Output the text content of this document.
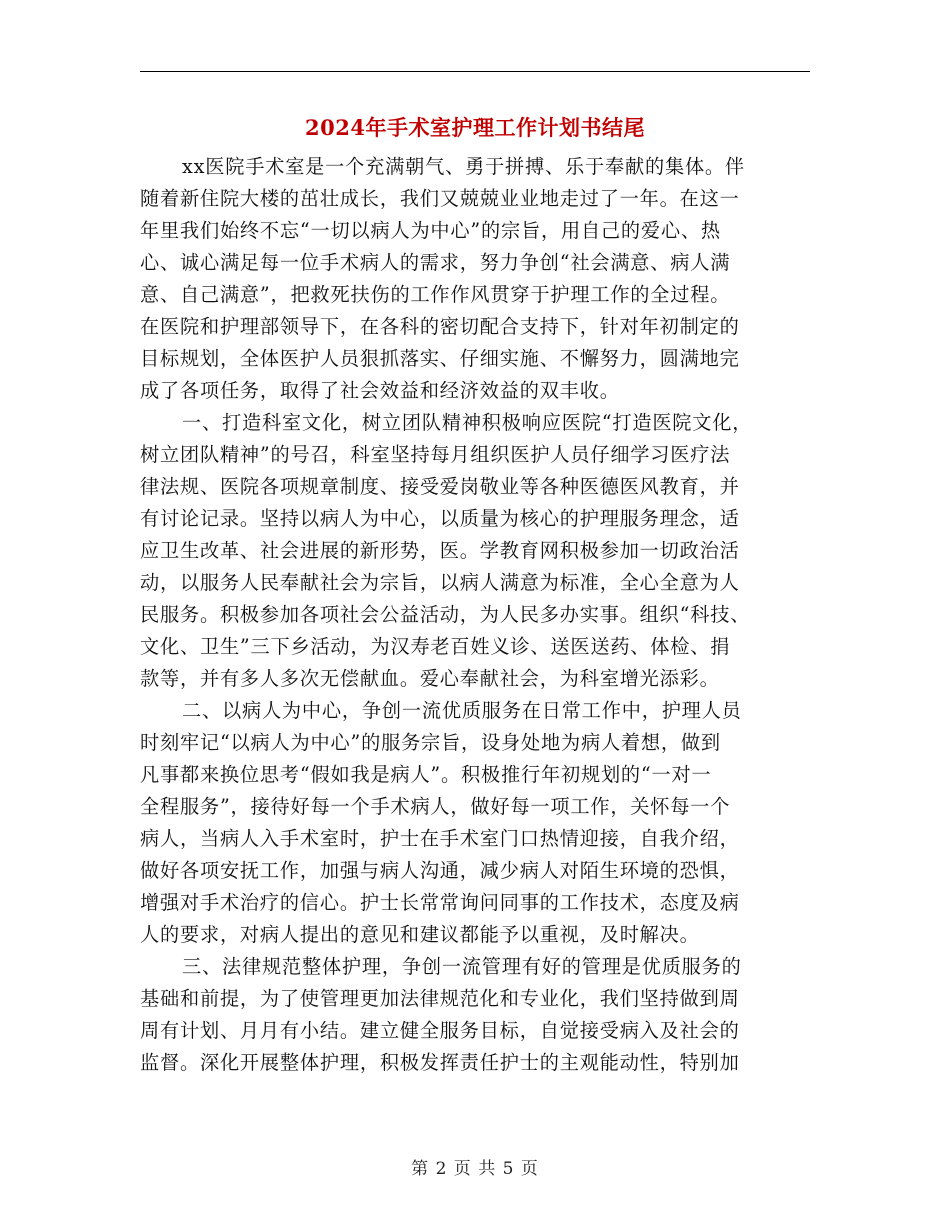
2024年手术室护理工作计划书结尾

xx医院手术室是一个充满朝气、勇于拼搏、乐于奉献的集体。伴
随着新住院大楼的茁壮成长，我们又兢兢业业地走过了一年。在这一
年里我们始终不忘“一切以病人为中心”的宗旨，用自己的爱心、热
心、诚心满足每一位手术病人的需求，努力争创“社会满意、病人满
意、自己满意”，把救死扶伤的工作作风贯穿于护理工作的全过程。
在医院和护理部领导下，在各科的密切配合支持下，针对年初制定的
目标规划，全体医护人员狠抓落实、仔细实施、不懈努力，圆满地完
成了各项任务，取得了社会效益和经济效益的双丰收。

一、打造科室文化，树立团队精神积极响应医院“打造医院文化，
树立团队精神”的号召，科室坚持每月组织医护人员仔细学习医疗法
律法规、医院各项规章制度、接受爱岗敬业等各种医德医风教育，并
有讨论记录。坚持以病人为中心，以质量为核心的护理服务理念，适
应卫生改革、社会进展的新形势，医。学教育网积极参加一切政治活
动，以服务人民奉献社会为宗旨，以病人满意为标准，全心全意为人
民服务。积极参加各项社会公益活动，为人民多办实事。组织“科技、
文化、卫生”三下乡活动，为汉寿老百姓义诊、送医送药、体检、捐
款等，并有多人多次无偿献血。爱心奉献社会，为科室增光添彩。

二、以病人为中心，争创一流优质服务在日常工作中，护理人员
时刻牢记“以病人为中心”的服务宗旨，设身处地为病人着想，做到
凡事都来换位思考“假如我是病人”。积极推行年初规划的“一对一
全程服务”，接待好每一个手术病人，做好每一项工作，关怀每一个
病人，当病人入手术室时，护士在手术室门口热情迎接，自我介绍，
做好各项安抚工作，加强与病人沟通，减少病人对陌生环境的恐惧，
增强对手术治疗的信心。护士长常常询问同事的工作技术，态度及病
人的要求，对病人提出的意见和建议都能予以重视，及时解决。

三、法律规范整体护理，争创一流管理有好的管理是优质服务的
基础和前提，为了使管理更加法律规范化和专业化，我们坚持做到周
周有计划、月月有小结。建立健全服务目标，自觉接受病入及社会的
监督。深化开展整体护理，积极发挥责任护士的主观能动性，特别加

第 2 页 共 5 页
